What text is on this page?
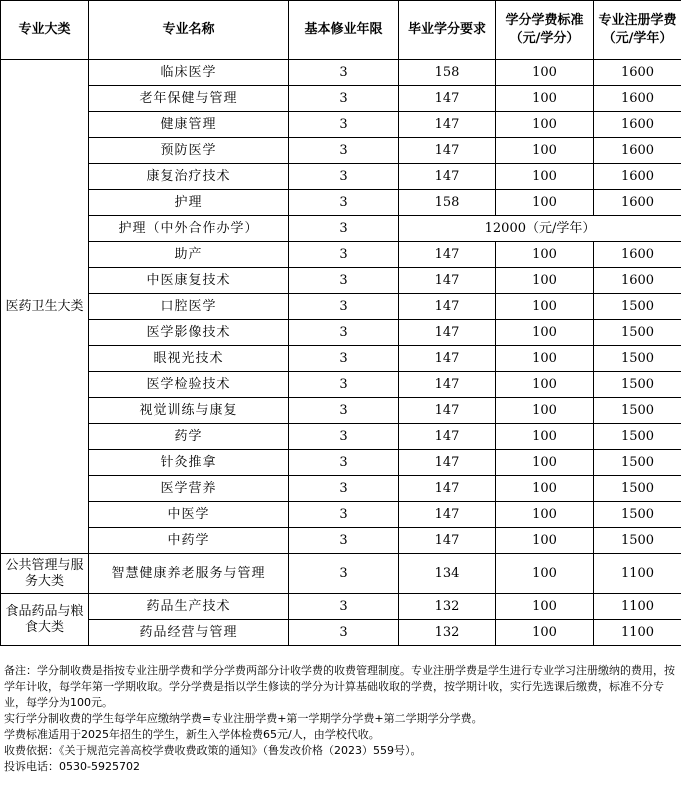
专业大类	专业名称	基本修业年限	毕业学分要求	学分学费标准（元/学分）	专业注册学费（元/学年）
医药卫生大类	临床医学	3	158	100	1600
	老年保健与管理	3	147	100	1600
	健康管理	3	147	100	1600
	预防医学	3	147	100	1600
	康复治疗技术	3	147	100	1600
	护理	3	158	100	1600
	护理（中外合作办学）	3	12000（元/学年）		
	助产	3	147	100	1600
	中医康复技术	3	147	100	1600
	口腔医学	3	147	100	1500
	医学影像技术	3	147	100	1500
	眼视光技术	3	147	100	1500
	医学检验技术	3	147	100	1500
	视觉训练与康复	3	147	100	1500
	药学	3	147	100	1500
	针灸推拿	3	147	100	1500
	医学营养	3	147	100	1500
	中医学	3	147	100	1500
	中药学	3	147	100	1500
公共管理与服务大类	智慧健康养老服务与管理	3	134	100	1100
食品药品与粮食大类	药品生产技术	3	132	100	1100
	药品经营与管理	3	132	100	1100

备注：学分制收费是指按专业注册学费和学分学费两部分计收学费的收费管理制度。专业注册学费是学生进行专业学习注册缴纳的费用，按学年计收，每学年第一学期收取。学分学费是指以学生修读的学分为计算基础收取的学费，按学期计收，实行先选课后缴费，标准不分专业，每学分为100元。

实行学分制收费的学生每学年应缴纳学费=专业注册学费+第一学期学分学费+第二学期学分学费。

学费标准适用于2025年招生的学生，新生入学体检费65元/人，由学校代收。

收费依据：《关于规范完善高校学费收费政策的通知》（鲁发改价格（2023）559号）。

投诉电话：0530-5925702
